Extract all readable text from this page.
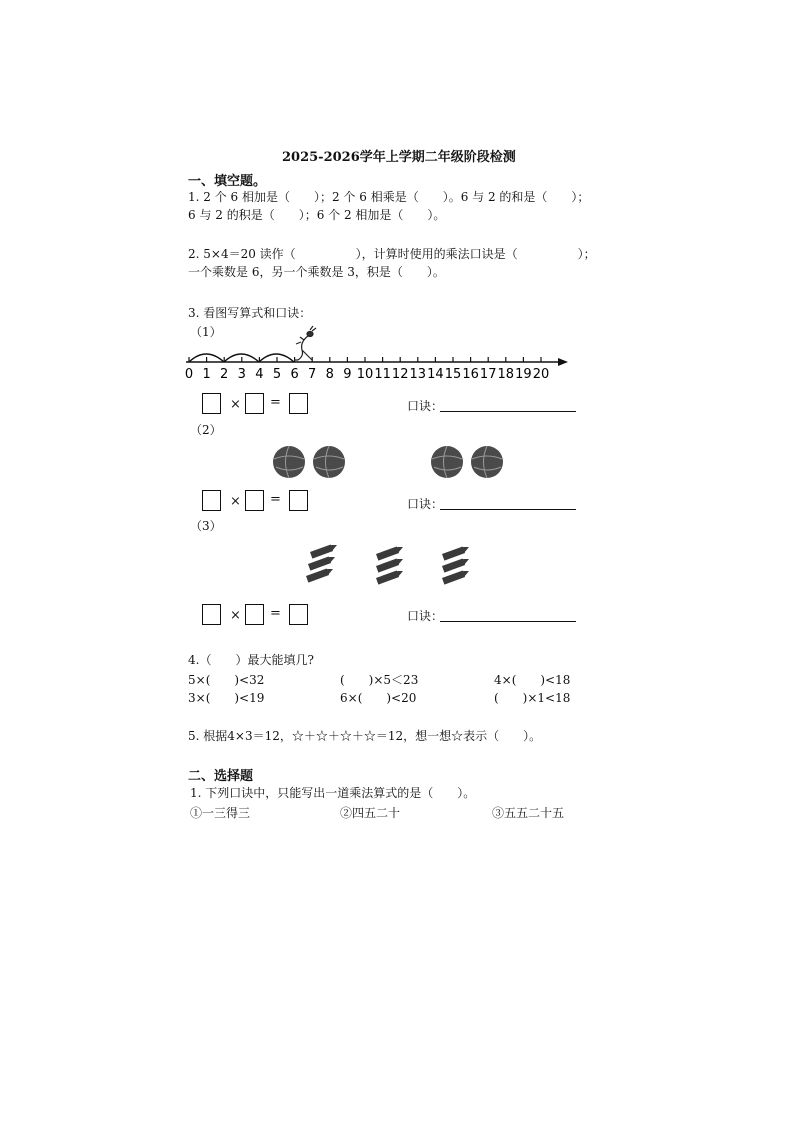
2025-2026学年上学期二年级阶段检测
一、填空题。
1. 2 个 6 相加是（　　）；2 个 6 相乘是（　　）。6 与 2 的和是（　　）；
6 与 2 的积是（　　）；6 个 2 相加是（　　）。
2. 5×4＝20 读作（　　　　　），计算时使用的乘法口诀是（　　　　　）；
一个乘数是 6，另一个乘数是 3，积是（　　）。
3. 看图写算式和口诀：
（1）
0 1 2 3 4 5 6 7 8 9 10 11 12 13 14 15 16 17 18 19 20
× =	口诀：
（2）
× =	口诀：
（3）
× =	口诀：
4.（　　）最大能填几?
5×(　　)<32	(　　)×5＜23	4×(　　)<18
3×(　　)<19	6×(　　)<20	(　　)×1<18
5. 根据4×3＝12，☆＋☆＋☆＋☆＝12，想一想☆表示（　　）。
二、选择题
1. 下列口诀中，只能写出一道乘法算式的是（　　）。
①一三得三	②四五二十	③五五二十五
